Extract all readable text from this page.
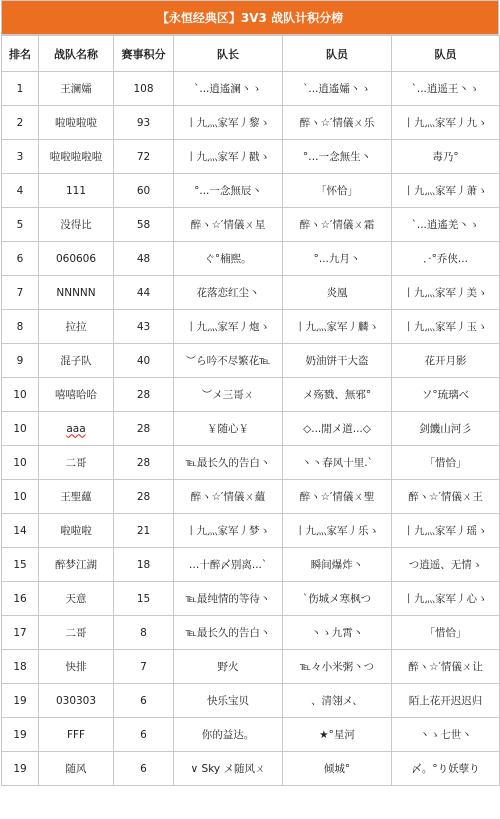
【永恒经典区】3V3 战队计积分榜
排名	战队名称	赛事积分	队长	队员	队员
1	王澜孀	108	`...逍遙澜丶ゝ	`...逍遙孀丶ゝ	`...逍遥王丶ゝ
2	啦啦啦啦	93	丨九灬家军丿黎ゝ	醉ヽ☆′情儀ㄨ乐	丨九灬家军丿九ゝ
3	啦啦啦啦啦	72	丨九灬家军丿戳ゝ	°…一念無生丶	毒乃°
4	111	60	°...一念無辰丶	「怀恰」	丨九灬家军丿萧ゝ
5	没得比	58	醉ヽ☆′情儀ㄨ星	醉ヽ☆′情儀ㄨ霜	`...逍遙羌丶ゝ
6	060606	48	ぐ°楠熙。	°...九月丶	．·°乔侠...
7	NNNNN	44	花落恋红尘丶	炎凰	丨九灬家军丿美ゝ
8	拉拉	43	丨九灬家军丿炮ゝ	丨九灬家军丿麟ゝ	丨九灬家军丿玉ゝ
9	混子队	40	︶ら吟不尽繁花℡	奶油饼干大盗	花开月影
10	嘻嘻哈哈	28	︶メ三哥ㄨ	メ殇戮、無邪°	ソ°琉璃べ
10	aaa	28	￥随心￥	◇...閒メ道...◇	剑饑山河彡
10	二哥	28	℡最长久的告白丶	丶丶春风十里.`	「惜恰」
10	王聖蘊	28	醉ヽ☆′情儀ㄨ蘊	醉ヽ☆′情儀ㄨ聖	醉ヽ☆′情儀ㄨ王
14	啦啦啦	21	丨九灬家军丿梦ゝ	丨九灬家军丿乐ゝ	丨九灬家军丿瑶ゝ
15	醉梦江湖	18	…十醉〆别离...`	瞬间爆炸丶	つ逍遥、无情ゝ
16	天意	15	℡最纯情的等待丶	`伤城メ寒枫つ	丨九灬家军丿心ゝ
17	二哥	8	℡最长久的告白丶	丶ゝ九霄丶	「惜恰」
18	快排	7	野火	℡々小米粥丶つ	醉ヽ☆′情儀ㄨ让
19	030303	6	快乐宝贝	、清翎メ、	陌上花开迟迟归
19	FFF	6	你的益达。	★°星河	丶ゝ七世丶
19	随风	6	∨ Sky メ随风ㄨ	倾城°	〆。°り妖孽り
